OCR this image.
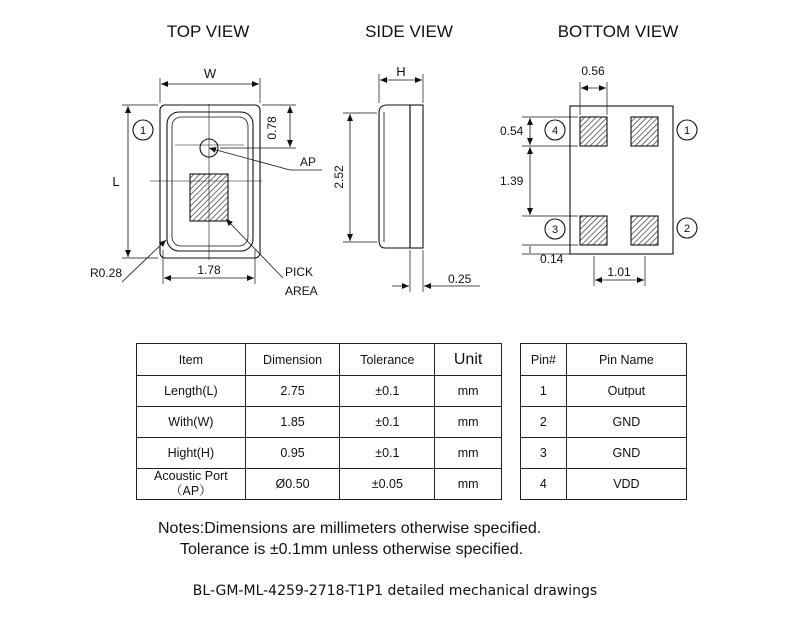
TOP VIEW	SIDE VIEW	BOTTOM VIEW
W
L
0.78
AP
R0.28	1.78	PICK
AREA
1
H
2.52
0.25
0.56
0.54
1.39
0.14
1.01
4	1
3	2
Item	Dimension	Tolerance	Unit
Length(L)	2.75	±0.1	mm
With(W)	1.85	±0.1	mm
Hight(H)	0.95	±0.1	mm
Acoustic Port（AP）	Ø0.50	±0.05	mm
Pin#	Pin Name
1	Output
2	GND
3	GND
4	VDD
Notes:Dimensions are millimeters otherwise specified.
Tolerance is ±0.1mm unless otherwise specified.
BL-GM-ML-4259-2718-T1P1 detailed mechanical drawings
